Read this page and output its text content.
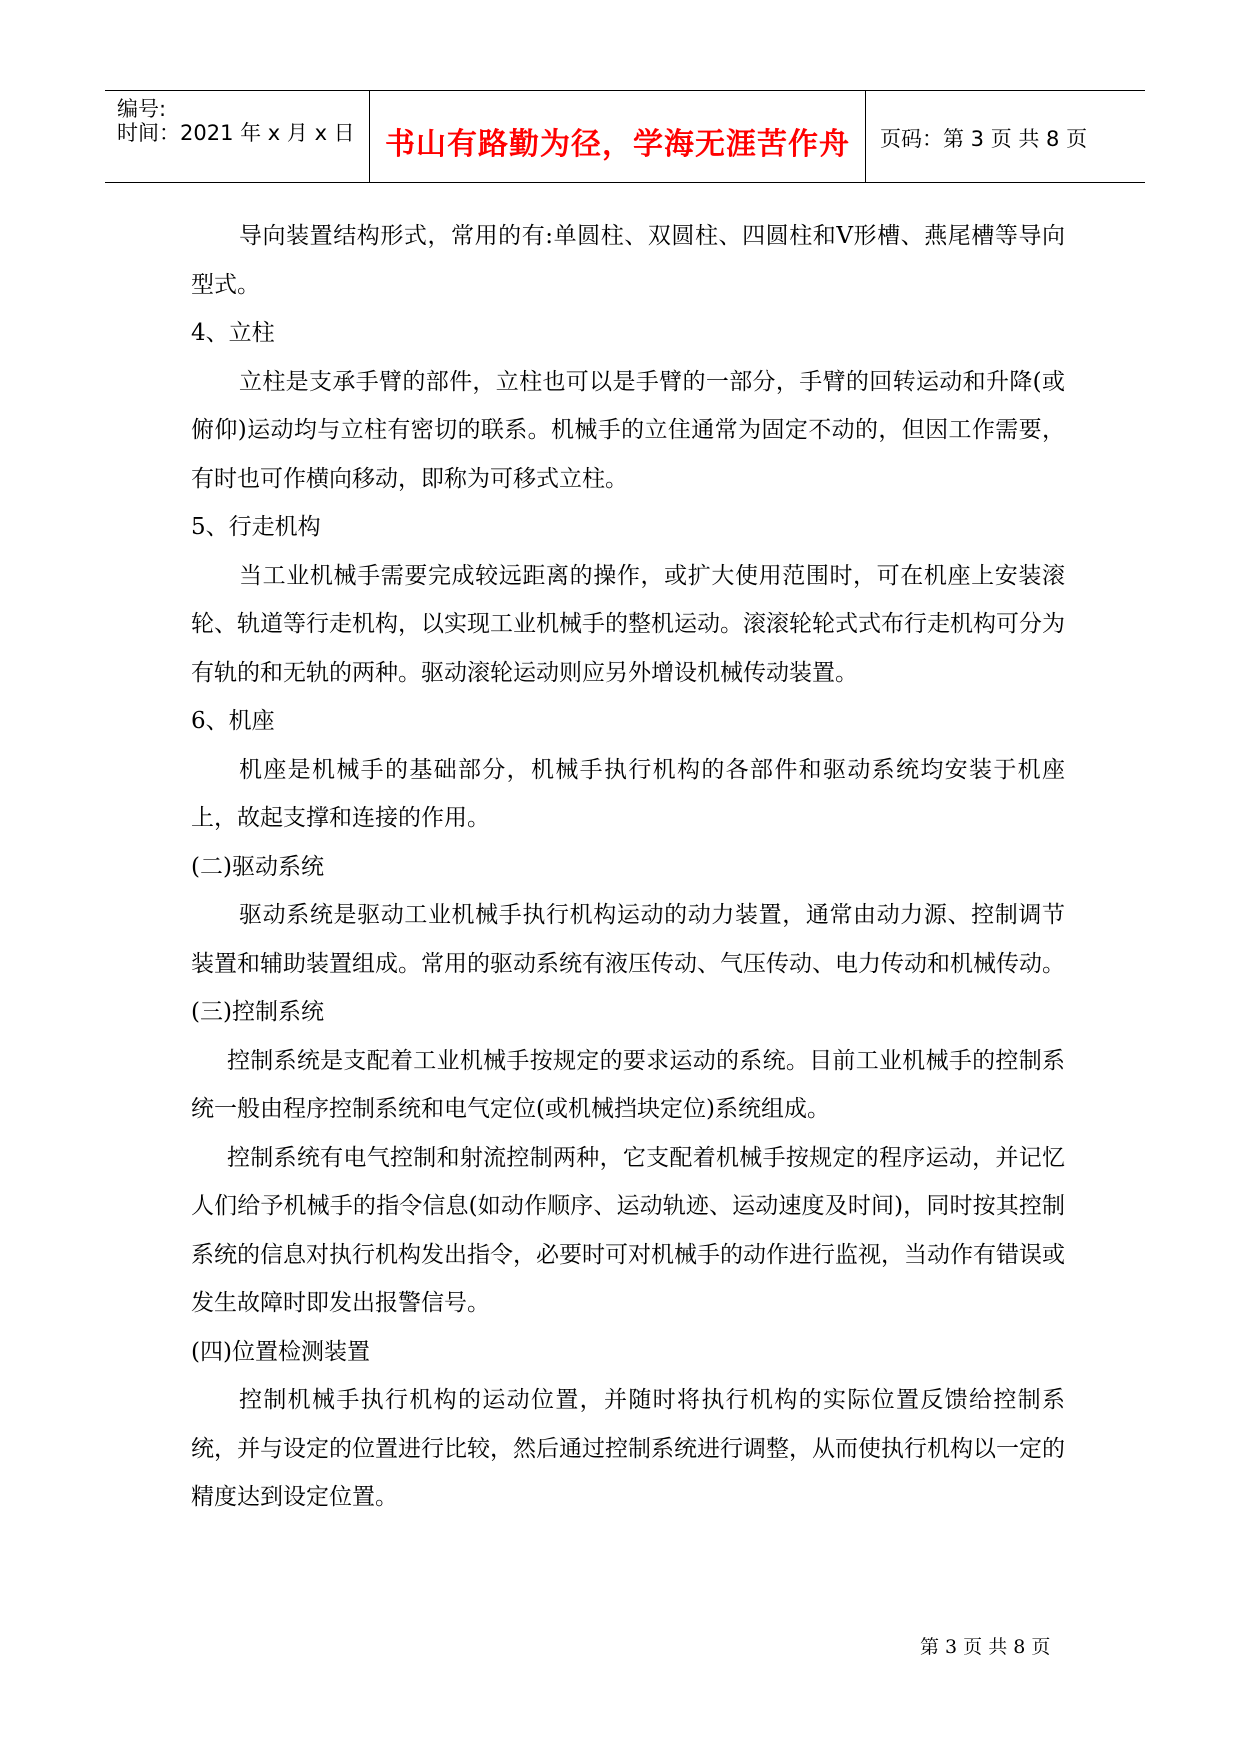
编号:
时间：2021 年 x 月 x 日	书山有路勤为径，学海无涯苦作舟	页码：第 3 页 共 8 页

导向装置结构形式，常用的有:单圆柱、双圆柱、四圆柱和V形槽、燕尾槽等导向型式。

4、立柱

立柱是支承手臂的部件，立柱也可以是手臂的一部分，手臂的回转运动和升降(或俯仰)运动均与立柱有密切的联系。机械手的立住通常为固定不动的，但因工作需要，有时也可作横向移动，即称为可移式立柱。

5、行走机构

当工业机械手需要完成较远距离的操作，或扩大使用范围时，可在机座上安装滚轮、轨道等行走机构，以实现工业机械手的整机运动。滚滚轮轮式式布行走机构可分为有轨的和无轨的两种。驱动滚轮运动则应另外增设机械传动装置。

6、机座

机座是机械手的基础部分，机械手执行机构的各部件和驱动系统均安装于机座上，故起支撑和连接的作用。

(二)驱动系统

驱动系统是驱动工业机械手执行机构运动的动力装置，通常由动力源、控制调节装置和辅助装置组成。常用的驱动系统有液压传动、气压传动、电力传动和机械传动。

(三)控制系统

控制系统是支配着工业机械手按规定的要求运动的系统。目前工业机械手的控制系统一般由程序控制系统和电气定位(或机械挡块定位)系统组成。

控制系统有电气控制和射流控制两种，它支配着机械手按规定的程序运动，并记忆人们给予机械手的指令信息(如动作顺序、运动轨迹、运动速度及时间)，同时按其控制系统的信息对执行机构发出指令，必要时可对机械手的动作进行监视，当动作有错误或发生故障时即发出报警信号。

(四)位置检测装置

控制机械手执行机构的运动位置，并随时将执行机构的实际位置反馈给控制系统，并与设定的位置进行比较，然后通过控制系统进行调整，从而使执行机构以一定的精度达到设定位置。

第 3 页 共 8 页
